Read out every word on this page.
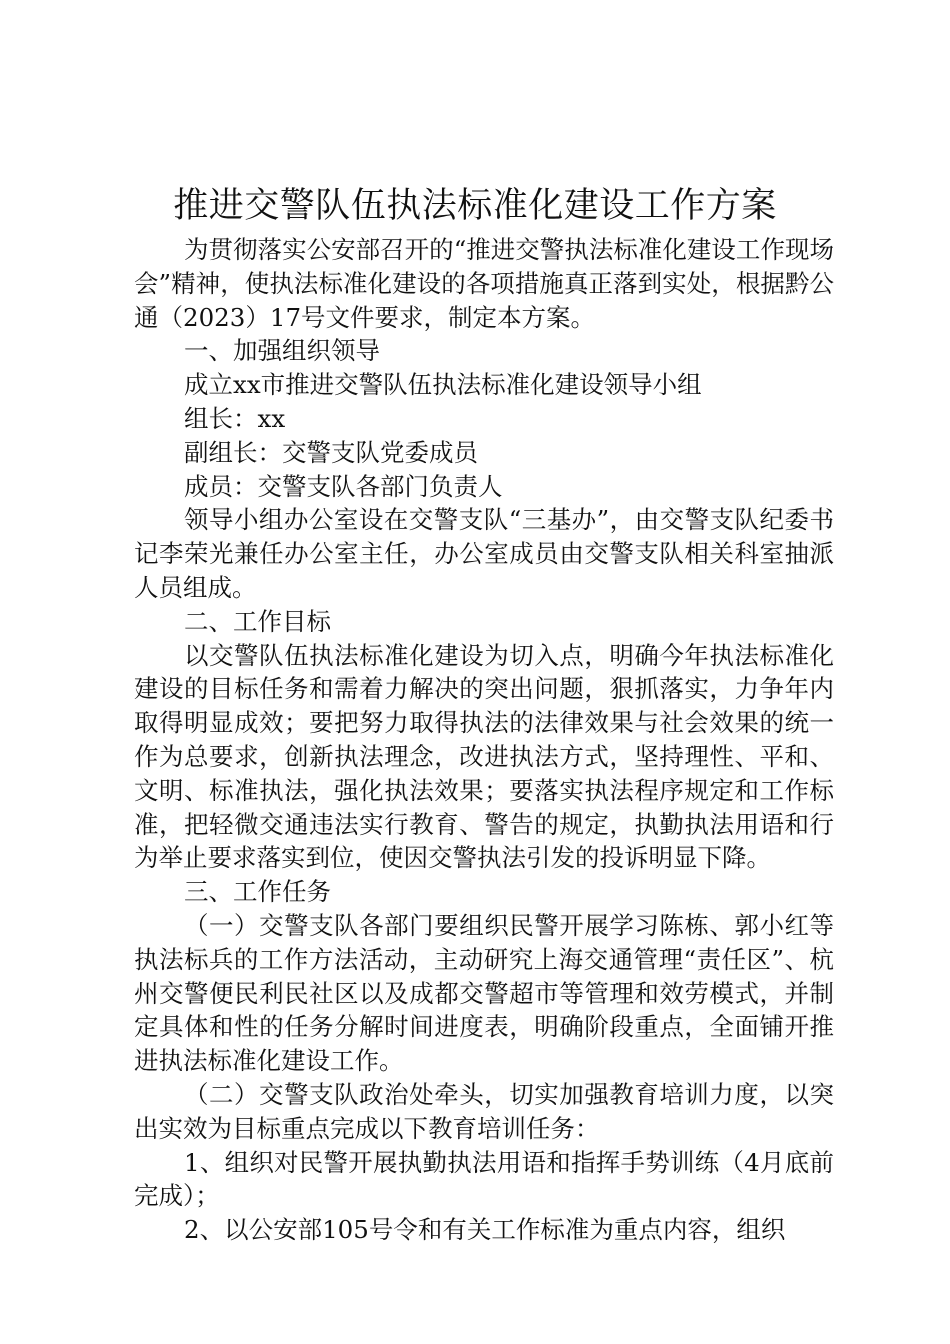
推进交警队伍执法标准化建设工作方案

为贯彻落实公安部召开的“推进交警执法标准化建设工作现场会”精神，使执法标准化建设的各项措施真正落到实处，根据黔公通（2023）17号文件要求，制定本方案。

一、加强组织领导

成立xx市推进交警队伍执法标准化建设领导小组

组长：xx

副组长：交警支队党委成员

成员：交警支队各部门负责人

领导小组办公室设在交警支队“三基办”，由交警支队纪委书记李荣光兼任办公室主任，办公室成员由交警支队相关科室抽派人员组成。

二、工作目标

以交警队伍执法标准化建设为切入点，明确今年执法标准化建设的目标任务和需着力解决的突出问题，狠抓落实，力争年内取得明显成效；要把努力取得执法的法律效果与社会效果的统一作为总要求，创新执法理念，改进执法方式，坚持理性、平和、文明、标准执法，强化执法效果；要落实执法程序规定和工作标准，把轻微交通违法实行教育、警告的规定，执勤执法用语和行为举止要求落实到位，使因交警执法引发的投诉明显下降。

三、工作任务

（一）交警支队各部门要组织民警开展学习陈栋、郭小红等执法标兵的工作方法活动，主动研究上海交通管理“责任区”、杭州交警便民利民社区以及成都交警超市等管理和效劳模式，并制定具体和性的任务分解时间进度表，明确阶段重点，全面铺开推进执法标准化建设工作。

（二）交警支队政治处牵头，切实加强教育培训力度，以突出实效为目标重点完成以下教育培训任务：

1、组织对民警开展执勤执法用语和指挥手势训练（4月底前完成）；

2、以公安部105号令和有关工作标准为重点内容，组织
